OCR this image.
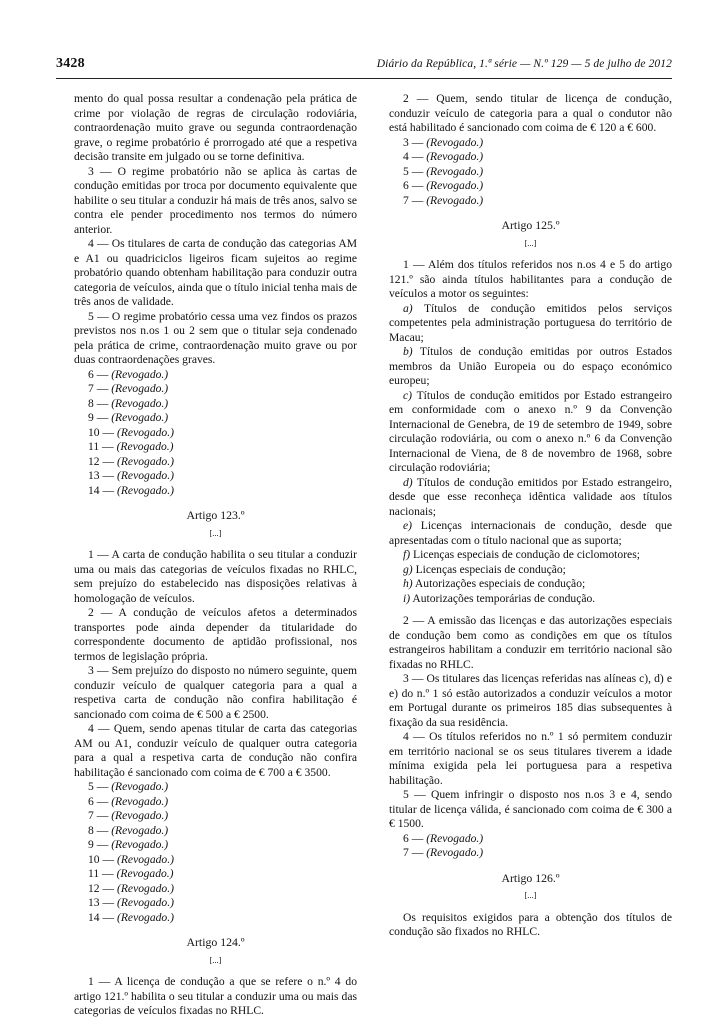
3428	Diário da República, 1.ª série — N.º 129 — 5 de julho de 2012

mento do qual possa resultar a condenação pela prática de crime por violação de regras de circulação rodoviária, contraordenação muito grave ou segunda contraordenação grave, o regime probatório é prorrogado até que a respetiva decisão transite em julgado ou se torne definitiva.

3 — O regime probatório não se aplica às cartas de condução emitidas por troca por documento equivalente que habilite o seu titular a conduzir há mais de três anos, salvo se contra ele pender procedimento nos termos do número anterior.

4 — Os titulares de carta de condução das categorias AM e A1 ou quadriciclos ligeiros ficam sujeitos ao regime probatório quando obtenham habilitação para conduzir outra categoria de veículos, ainda que o título inicial tenha mais de três anos de validade.

5 — O regime probatório cessa uma vez findos os prazos previstos nos n.os 1 ou 2 sem que o titular seja condenado pela prática de crime, contraordenação muito grave ou por duas contraordenações graves.

6 — (Revogado.)

7 — (Revogado.)

8 — (Revogado.)

9 — (Revogado.)

10 — (Revogado.)

11 — (Revogado.)

12 — (Revogado.)

13 — (Revogado.)

14 — (Revogado.)

Artigo 123.º
[...]

1 — A carta de condução habilita o seu titular a conduzir uma ou mais das categorias de veículos fixadas no RHLC, sem prejuízo do estabelecido nas disposições relativas à homologação de veículos.

2 — A condução de veículos afetos a determinados transportes pode ainda depender da titularidade do correspondente documento de aptidão profissional, nos termos de legislação própria.

3 — Sem prejuízo do disposto no número seguinte, quem conduzir veículo de qualquer categoria para a qual a respetiva carta de condução não confira habilitação é sancionado com coima de € 500 a € 2500.

4 — Quem, sendo apenas titular de carta das categorias AM ou A1, conduzir veículo de qualquer outra categoria para a qual a respetiva carta de condução não confira habilitação é sancionado com coima de € 700 a € 3500.

5 — (Revogado.)

6 — (Revogado.)

7 — (Revogado.)

8 — (Revogado.)

9 — (Revogado.)

10 — (Revogado.)

11 — (Revogado.)

12 — (Revogado.)

13 — (Revogado.)

14 — (Revogado.)

Artigo 124.º
[...]

1 — A licença de condução a que se refere o n.º 4 do artigo 121.º habilita o seu titular a conduzir uma ou mais das categorias de veículos fixadas no RHLC.

2 — Quem, sendo titular de licença de condução, conduzir veículo de categoria para a qual o condutor não está habilitado é sancionado com coima de € 120 a € 600.

3 — (Revogado.)

4 — (Revogado.)

5 — (Revogado.)

6 — (Revogado.)

7 — (Revogado.)

Artigo 125.º
[...]

1 — Além dos títulos referidos nos n.os 4 e 5 do artigo 121.º são ainda títulos habilitantes para a condução de veículos a motor os seguintes:

a) Títulos de condução emitidos pelos serviços competentes pela administração portuguesa do território de Macau;

b) Títulos de condução emitidas por outros Estados membros da União Europeia ou do espaço económico europeu;

c) Títulos de condução emitidos por Estado estrangeiro em conformidade com o anexo n.º 9 da Convenção Internacional de Genebra, de 19 de setembro de 1949, sobre circulação rodoviária, ou com o anexo n.º 6 da Convenção Internacional de Viena, de 8 de novembro de 1968, sobre circulação rodoviária;

d) Títulos de condução emitidos por Estado estrangeiro, desde que esse reconheça idêntica validade aos títulos nacionais;

e) Licenças internacionais de condução, desde que apresentadas com o título nacional que as suporta;

f) Licenças especiais de condução de ciclomotores;

g) Licenças especiais de condução;

h) Autorizações especiais de condução;

i) Autorizações temporárias de condução.

2 — A emissão das licenças e das autorizações especiais de condução bem como as condições em que os títulos estrangeiros habilitam a conduzir em território nacional são fixadas no RHLC.

3 — Os titulares das licenças referidas nas alíneas c), d) e e) do n.º 1 só estão autorizados a conduzir veículos a motor em Portugal durante os primeiros 185 dias subsequentes à fixação da sua residência.

4 — Os títulos referidos no n.º 1 só permitem conduzir em território nacional se os seus titulares tiverem a idade mínima exigida pela lei portuguesa para a respetiva habilitação.

5 — Quem infringir o disposto nos n.os 3 e 4, sendo titular de licença válida, é sancionado com coima de € 300 a € 1500.

6 — (Revogado.)

7 — (Revogado.)

Artigo 126.º
[...]

Os requisitos exigidos para a obtenção dos títulos de condução são fixados no RHLC.
